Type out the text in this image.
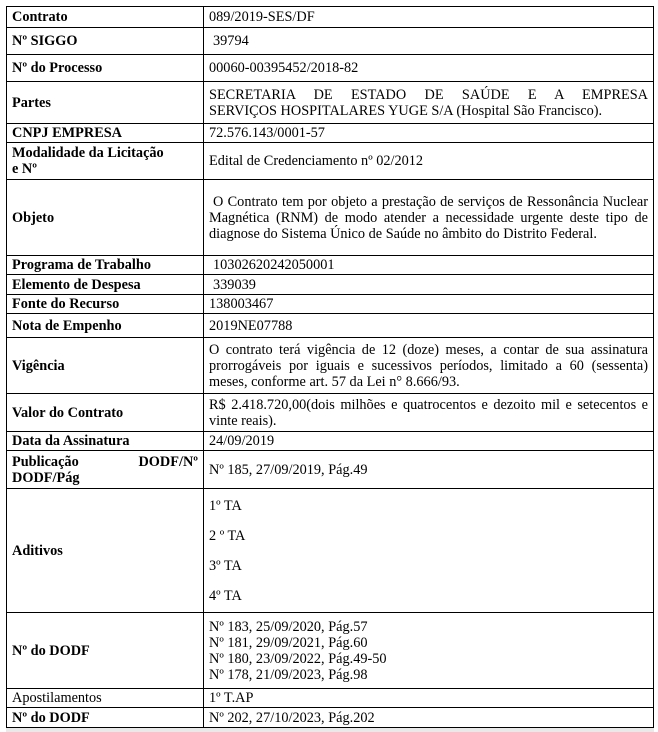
Contrato	089/2019-SES/DF
Nº SIGGO	39794
Nº do Processo	00060-00395452/2018-82
Partes	SECRETARIA DE ESTADO DE SAÚDE E A EMPRESA
SERVIÇOS HOSPITALARES YUGE S/A (Hospital São Francisco).

CNPJ EMPRESA	72.576.143/0001-57

Modalidade da Licitação
e Nº	Edital de Credenciamento nº 02/2012
Objeto	O Contrato tem por objeto a prestação de serviços de Ressonância Nuclear Magnética (RNM) de modo atender a necessidade urgente deste tipo de diagnose do Sistema Único de Saúde no âmbito do Distrito Federal.
Programa de Trabalho	10302620242050001
Elemento de Despesa	339039
Fonte do Recurso	138003467
Nota de Empenho	2019NE07788
Vigência	O contrato terá vigência de 12 (doze) meses, a contar de sua assinatura prorrogáveis por iguais e sucessivos períodos, limitado a 60 (sessenta) meses, conforme art. 57 da Lei n° 8.666/93.
Valor do Contrato	R$ 2.418.720,00(dois milhões e quatrocentos e dezoito mil e setecentos e vinte reais).
Data da Assinatura	24/09/2019

Publicação DODF/Nº
DODF/Pág	Nº 185, 27/09/2019, Pág.49
Aditivos	1º TA
2 º TA
3º TA
4º TA

Nº do DODF	Nº 183, 25/09/2020, Pág.57
Nº 181, 29/09/2021, Pág.60
Nº 180, 23/09/2022, Pág.49-50
Nº 178, 21/09/2023, Pág.98

Apostilamentos	1º T.AP
Nº do DODF	Nº 202, 27/10/2023, Pág.202
